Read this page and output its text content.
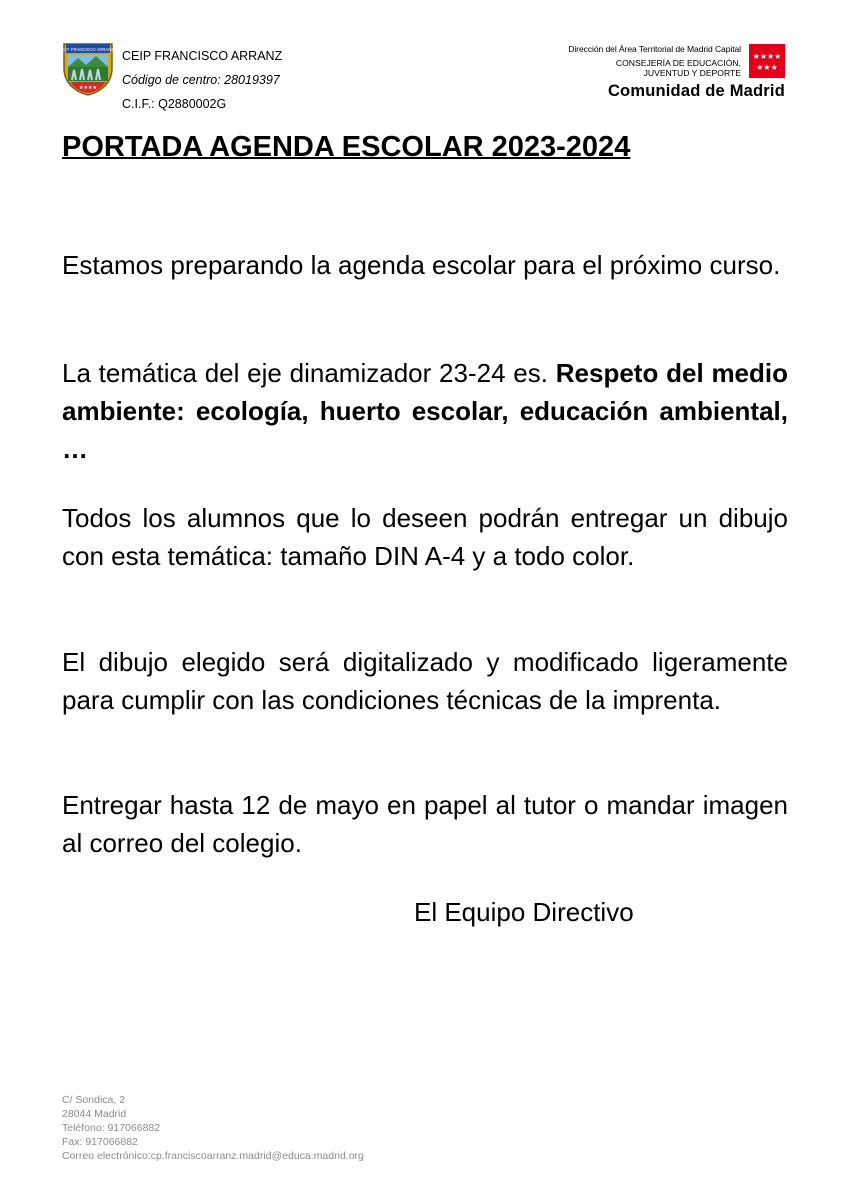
C.P. FRANCISCO ARRANZ
★★★★
CEIP FRANCISCO ARRANZ
Código de centro: 28019397
C.I.F.: Q2880002G
Dirección del Área Territorial de Madrid Capital
CONSEJERÍA DE EDUCACIÓN,
JUVENTUD Y DEPORTE
Comunidad de Madrid
★★★★
★★★
PORTADA AGENDA ESCOLAR 2023-2024

Estamos preparando la agenda escolar para el próximo curso.

La temática del eje dinamizador 23-24 es. Respeto del medio ambiente: ecología, huerto escolar, educación ambiental, …

Todos los alumnos que lo deseen podrán entregar un dibujo con esta temática: tamaño DIN A-4 y a todo color.

El dibujo elegido será digitalizado y modificado ligeramente para cumplir con las condiciones técnicas de la imprenta.

Entregar hasta 12 de mayo en papel al tutor o mandar imagen al correo del colegio.

El Equipo Directivo
C/ Sondica, 2
28044 Madrid
Teléfono: 917066882
Fax: 917066882
Correo electrónico:cp.franciscoarranz.madrid@educa.madrid.org
